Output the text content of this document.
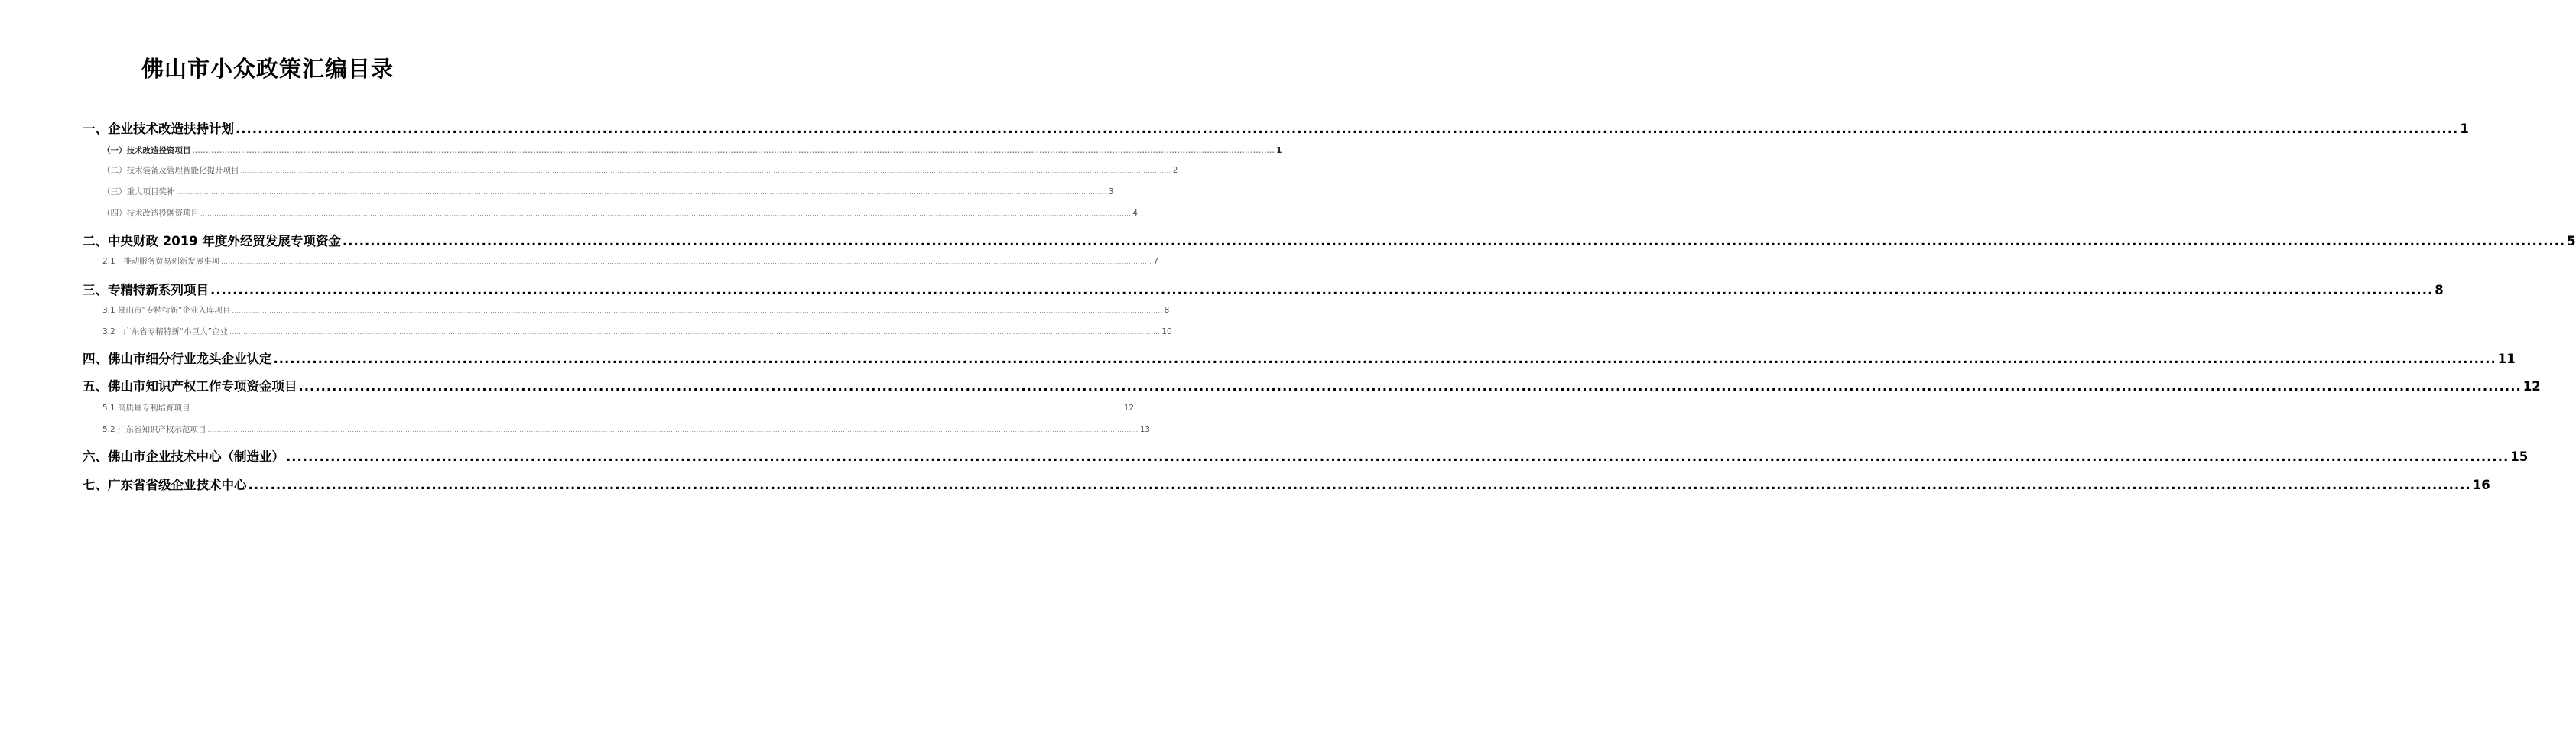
佛山市小众政策汇编目录
一、企业技术改造扶持计划 ................................................................................................................................................................................................................................................................................................................................................................................................................ 1
（一）技术改造投资项目 ................................................................................................................................................................................................................................................................................................................................................................................................................ 1
（二）技术装备及管理智能化提升项目 ................................................................................................................................................................................................................................................................................................................................................................................................................ 2
（三）重大项目奖补 ................................................................................................................................................................................................................................................................................................................................................................................................................ 3
（四）技术改造投融资项目 ................................................................................................................................................................................................................................................................................................................................................................................................................ 4
二、中央财政 2019 年度外经贸发展专项资金 ................................................................................................................................................................................................................................................................................................................................................................................................................ 5
2.1　推动服务贸易创新发展事项 ................................................................................................................................................................................................................................................................................................................................................................................................................ 7
三、专精特新系列项目 ................................................................................................................................................................................................................................................................................................................................................................................................................ 8
3.1 佛山市“专精特新”企业入库项目 ................................................................................................................................................................................................................................................................................................................................................................................................................ 8
3.2　广东省专精特新“小巨人”企业 ................................................................................................................................................................................................................................................................................................................................................................................................................ 10
四、佛山市细分行业龙头企业认定 ................................................................................................................................................................................................................................................................................................................................................................................................................ 11
五、佛山市知识产权工作专项资金项目 ................................................................................................................................................................................................................................................................................................................................................................................................................ 12
5.1 高质量专利培育项目 ................................................................................................................................................................................................................................................................................................................................................................................................................ 12
5.2 广东省知识产权示范项目 ................................................................................................................................................................................................................................................................................................................................................................................................................ 13
六、佛山市企业技术中心（制造业） ................................................................................................................................................................................................................................................................................................................................................................................................................ 15
七、广东省省级企业技术中心 ................................................................................................................................................................................................................................................................................................................................................................................................................ 16
